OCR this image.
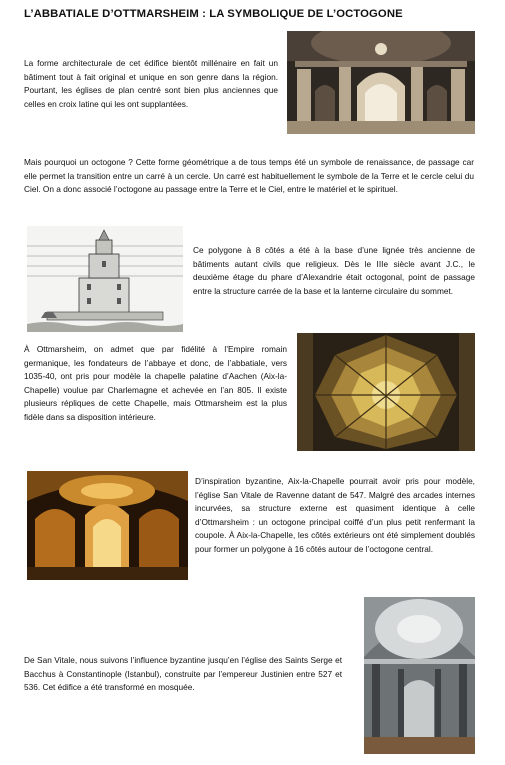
L’ABBATIALE D’OTTMARSHEIM : LA SYMBOLIQUE DE L’OCTOGONE
La forme architecturale de cet édifice bientôt millénaire en fait un bâtiment tout à fait original et unique en son genre dans la région. Pourtant, les églises de plan centré sont bien plus anciennes que celles en croix latine qui les ont supplantées.
Mais pourquoi un octogone ? Cette forme géométrique a de tous temps été un symbole de renaissance, de passage car elle permet la transition entre un carré à un cercle. Un carré est habituellement le symbole de la Terre et le cercle celui du Ciel. On a donc associé l’octogone au passage entre la Terre et le Ciel, entre le matériel et le spirituel.
Ce polygone à 8 côtés a été à la base d’une lignée très ancienne de bâtiments autant civils que religieux. Dès le IIIe siècle avant J.C., le deuxième étage du phare d’Alexandrie était octogonal, point de passage entre la structure carrée de la base et la lanterne circulaire du sommet.
À Ottmarsheim, on admet que par fidélité à l’Empire romain germanique, les fondateurs de l’abbaye et donc, de l’abbatiale, vers 1035-40, ont pris pour modèle la chapelle palatine d’Aachen (Aix-la-Chapelle) voulue par Charlemagne et achevée en l’an 805. Il existe plusieurs répliques de cette Chapelle, mais Ottmarsheim est la plus fidèle dans sa disposition intérieure.
D’inspiration byzantine, Aix-la-Chapelle pourrait avoir pris pour modèle, l’église San Vitale de Ravenne datant de 547. Malgré des arcades internes incurvées, sa structure externe est quasiment identique à celle d’Ottmarsheim : un octogone principal coiffé d’un plus petit renfermant la coupole. À Aix-la-Chapelle, les côtés extérieurs ont été simplement doublés pour former un polygone à 16 côtés autour de l’octogone central.
De San Vitale, nous suivons l’influence byzantine jusqu’en l’église des Saints Serge et Bacchus à Constantinople (Istanbul), construite par l’empereur Justinien entre 527 et 536. Cet édifice a été transformé en mosquée.
